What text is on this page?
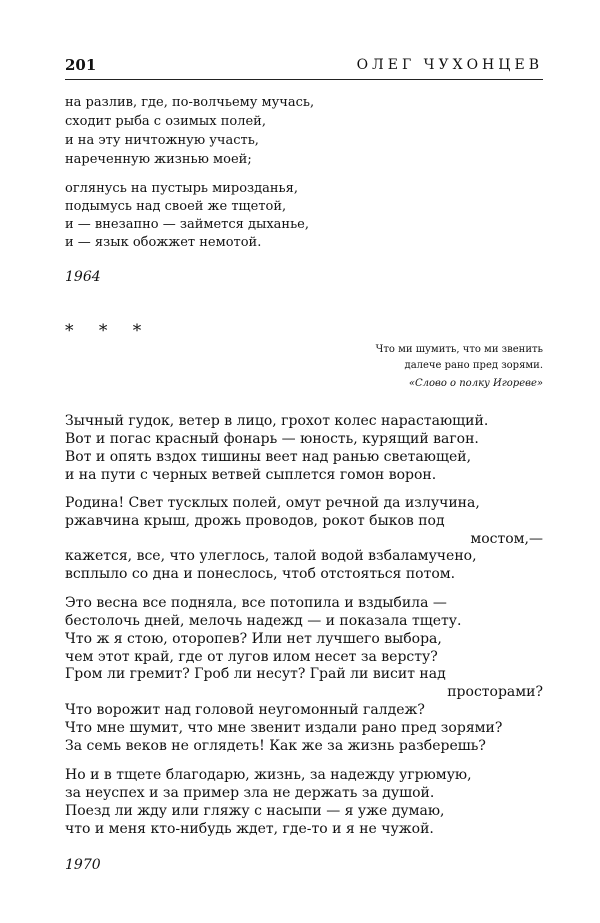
201	ОЛЕГ ЧУХОНЦЕВ
на разлив, где, по-волчьему мучась,
сходит рыба с озимых полей,
и на эту ничтожную участь,
нареченную жизнью моей;
оглянусь на пустырь мирозданья,
подымусь над своей же тщетой,
и — внезапно — займется дыханье,
и — язык обожжет немотой.
1964
* * *
Что ми шумить, что ми звенить
далече рано пред зорями.
«Слово о полку Игореве»
Зычный гудок, ветер в лицо, грохот колес нарастающий.
Вот и погас красный фонарь — юность, курящий вагон.
Вот и опять вздох тишины веет над ранью светающей,
и на пути с черных ветвей сыплется гомон ворон.
Родина! Свет тусклых полей, омут речной да излучина,
ржавчина крыш, дрожь проводов, рокот быков под
мостом,—
кажется, все, что улеглось, талой водой взбаламучено,
всплыло со дна и понеслось, чтоб отстояться потом.
Это весна все подняла, все потопила и вздыбила —
бестолочь дней, мелочь надежд — и показала тщету.
Что ж я стою, оторопев? Или нет лучшего выбора,
чем этот край, где от лугов илом несет за версту?
Гром ли гремит? Гроб ли несут? Грай ли висит над
просторами?
Что ворожит над головой неугомонный галдеж?
Что мне шумит, что мне звенит издали рано пред зорями?
За семь веков не оглядеть! Как же за жизнь разберешь?
Но и в тщете благодарю, жизнь, за надежду угрюмую,
за неуспех и за пример зла не держать за душой.
Поезд ли жду или гляжу с насыпи — я уже думаю,
что и меня кто-нибудь ждет, где-то и я не чужой.
1970
